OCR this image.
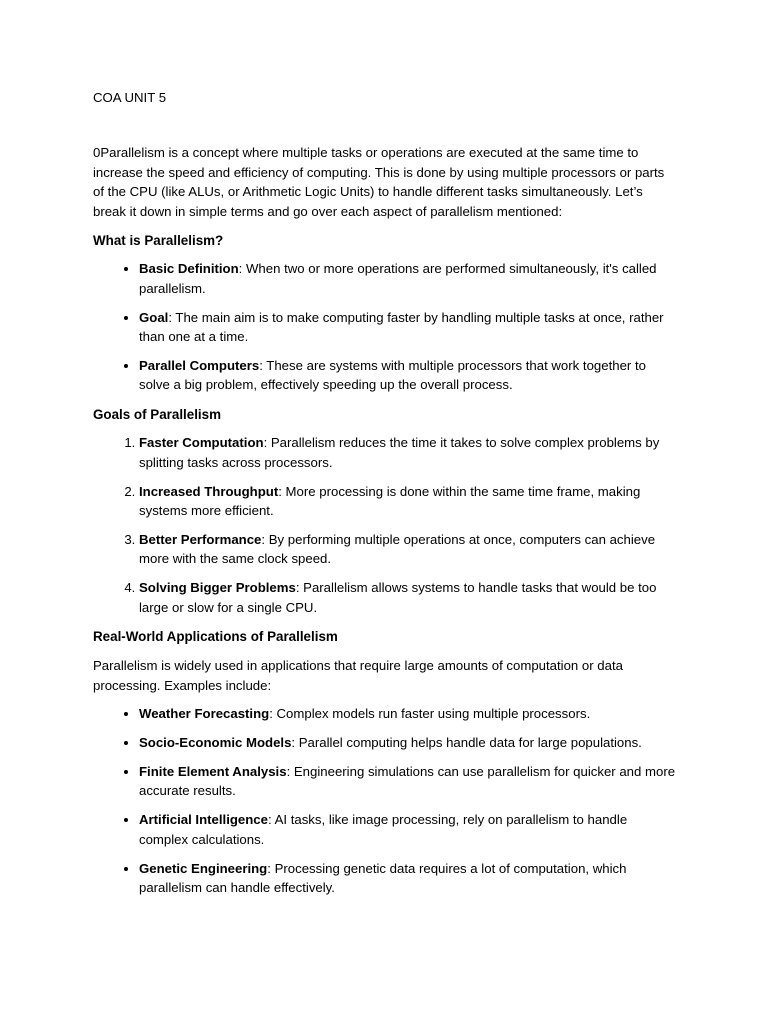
COA UNIT 5

0Parallelism is a concept where multiple tasks or operations are executed at the same time to increase the speed and efficiency of computing. This is done by using multiple processors or parts of the CPU (like ALUs, or Arithmetic Logic Units) to handle different tasks simultaneously. Let’s break it down in simple terms and go over each aspect of parallelism mentioned:

What is Parallelism?

• Basic Definition: When two or more operations are performed simultaneously, it's called parallelism.
• Goal: The main aim is to make computing faster by handling multiple tasks at once, rather than one at a time.
• Parallel Computers: These are systems with multiple processors that work together to solve a big problem, effectively speeding up the overall process.

Goals of Parallelism

1. Faster Computation: Parallelism reduces the time it takes to solve complex problems by splitting tasks across processors.
2. Increased Throughput: More processing is done within the same time frame, making systems more efficient.
3. Better Performance: By performing multiple operations at once, computers can achieve more with the same clock speed.
4. Solving Bigger Problems: Parallelism allows systems to handle tasks that would be too large or slow for a single CPU.

Real-World Applications of Parallelism

Parallelism is widely used in applications that require large amounts of computation or data processing. Examples include:

• Weather Forecasting: Complex models run faster using multiple processors.
• Socio-Economic Models: Parallel computing helps handle data for large populations.
• Finite Element Analysis: Engineering simulations can use parallelism for quicker and more accurate results.
• Artificial Intelligence: AI tasks, like image processing, rely on parallelism to handle complex calculations.
• Genetic Engineering: Processing genetic data requires a lot of computation, which parallelism can handle effectively.
